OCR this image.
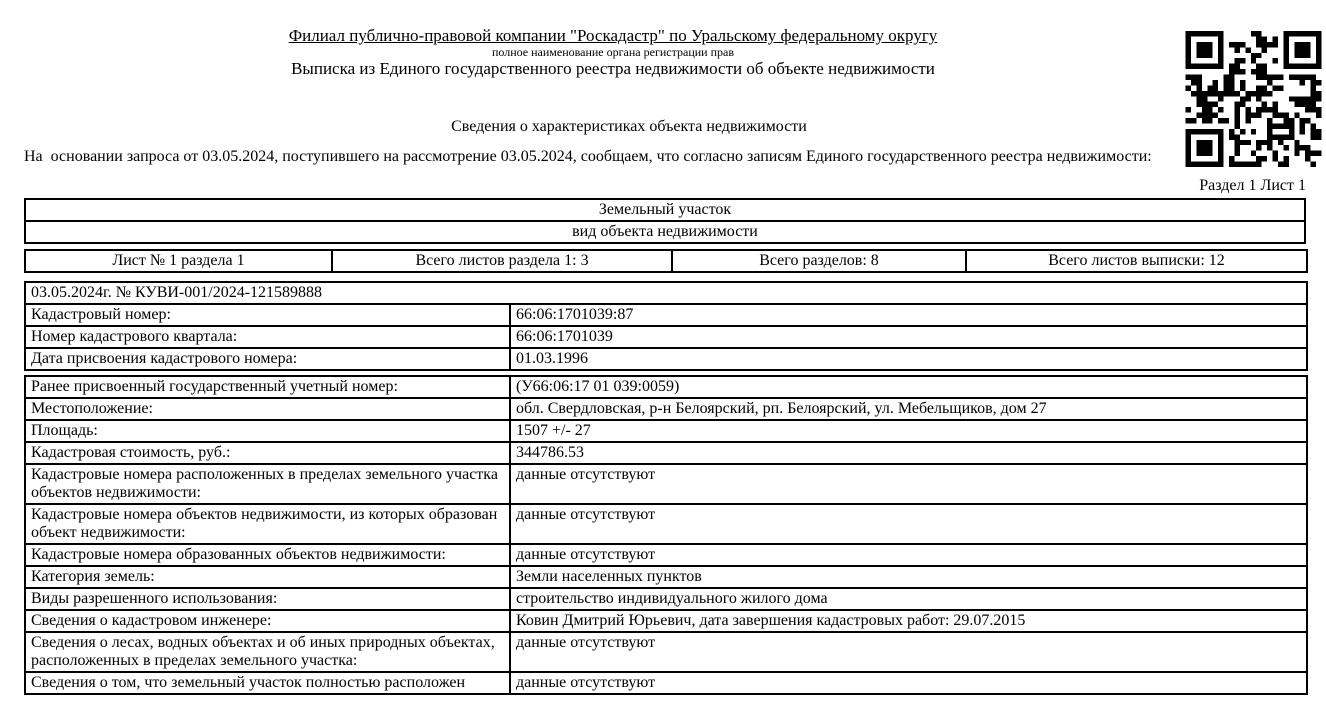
Филиал публично-правовой компании "Роскадастр" по Уральскому федеральному округу
полное наименование органа регистрации прав
Выписка из Единого государственного реестра недвижимости об объекте недвижимости
Сведения о характеристиках объекта недвижимости
На  основании запроса от 03.05.2024, поступившего на рассмотрение 03.05.2024, сообщаем, что согласно записям Единого государственного реестра недвижимости:
Раздел 1 Лист 1
Земельный участок
вид объекта недвижимости
Лист № 1 раздела 1	Всего листов раздела 1: 3	Всего разделов: 8	Всего листов выписки: 12
03.05.2024г. № КУВИ-001/2024-121589888	
Кадастровый номер:	66:06:1701039:87
Номер кадастрового квартала:	66:06:1701039
Дата присвоения кадастрового номера:	01.03.1996
Ранее присвоенный государственный учетный номер:	(У66:06:17 01 039:0059)
Местоположение:	обл. Свердловская, р-н Белоярский, рп. Белоярский, ул. Мебельщиков, дом 27
Площадь:	1507 +/- 27
Кадастровая стоимость, руб.:	344786.53
Кадастровые номера расположенных в пределах земельного участка объектов недвижимости:	данные отсутствуют
Кадастровые номера объектов недвижимости, из которых образован объект недвижимости:	данные отсутствуют
Кадастровые номера образованных объектов недвижимости:	данные отсутствуют
Категория земель:	Земли населенных пунктов
Виды разрешенного использования:	строительство индивидуального жилого дома
Сведения о кадастровом инженере:	Ковин Дмитрий Юрьевич, дата завершения кадастровых работ: 29.07.2015
Сведения о лесах, водных объектах и об иных природных объектах, расположенных в пределах земельного участка:	данные отсутствуют
Сведения о том, что земельный участок полностью расположен	данные отсутствуют
